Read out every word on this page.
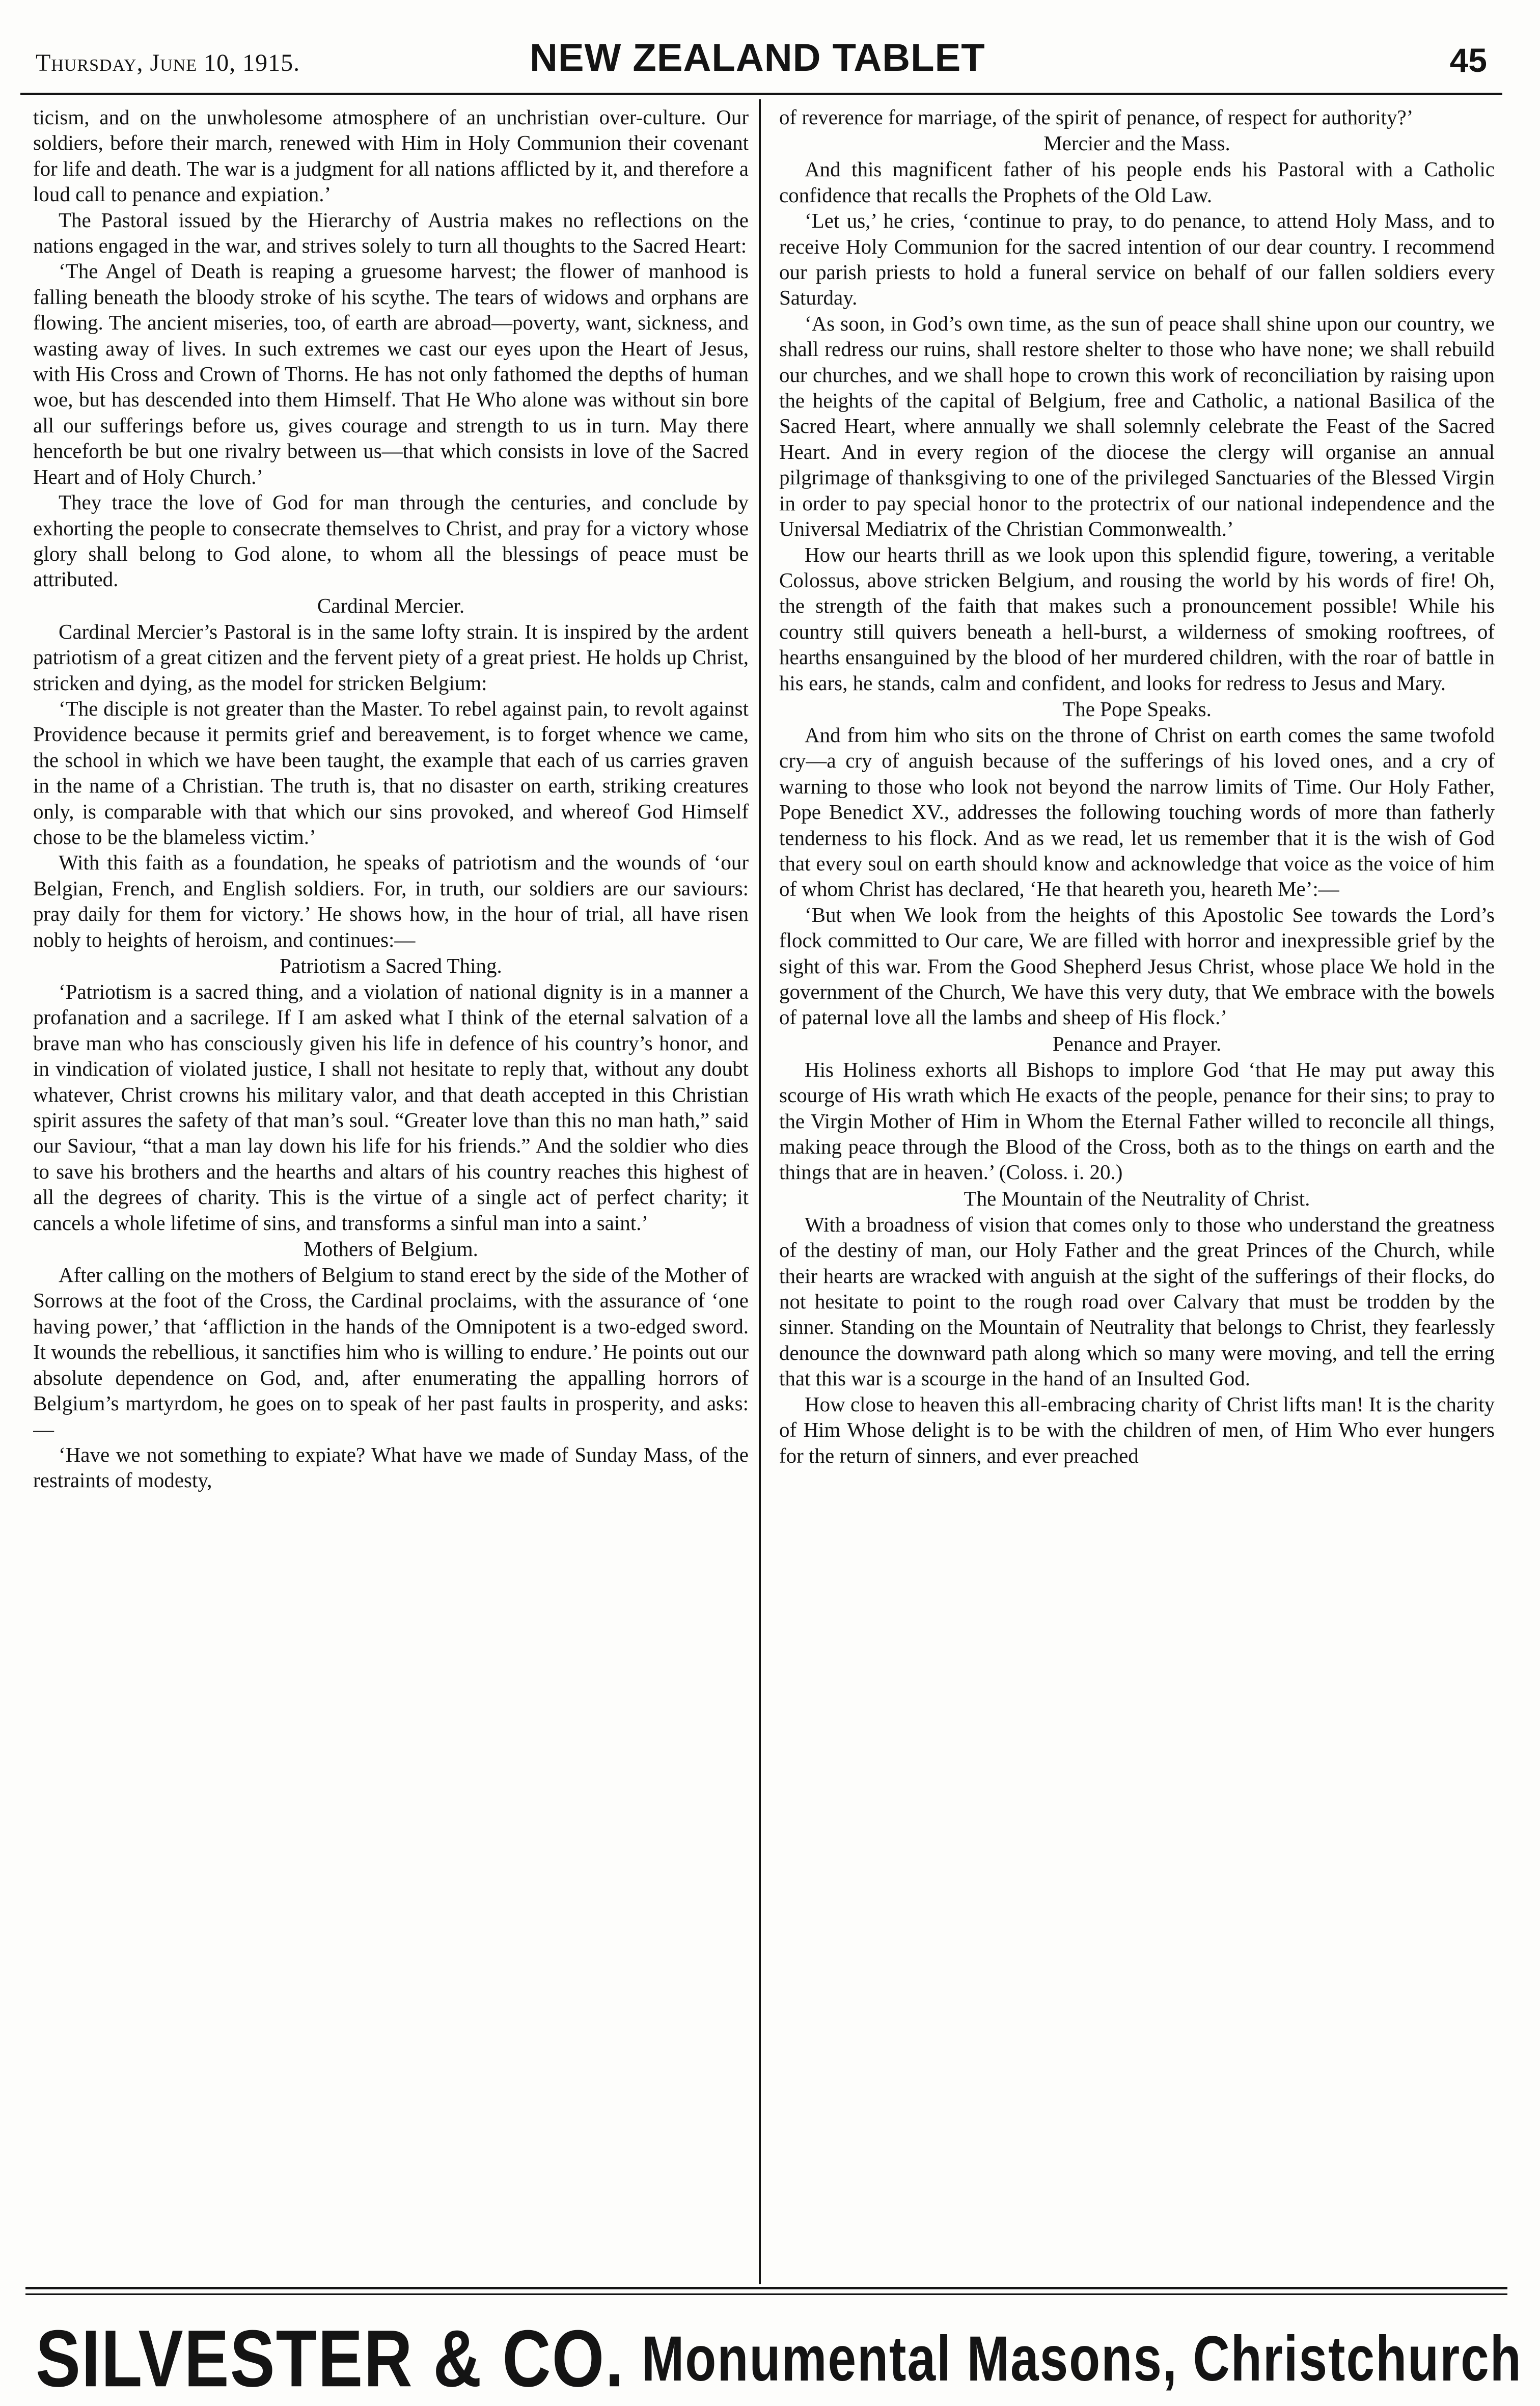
Thursday, June 10, 1915.	NEW ZEALAND TABLET	45

ticism, and on the unwholesome atmosphere of an unchristian over-culture. Our soldiers, before their march, renewed with Him in Holy Communion their covenant for life and death. The war is a judgment for all nations afflicted by it, and therefore a loud call to penance and expiation.’

The Pastoral issued by the Hierarchy of Austria makes no reflections on the nations engaged in the war, and strives solely to turn all thoughts to the Sacred Heart:

‘The Angel of Death is reaping a gruesome harvest; the flower of manhood is falling beneath the bloody stroke of his scythe. The tears of widows and orphans are flowing. The ancient miseries, too, of earth are abroad—poverty, want, sickness, and wasting away of lives. In such extremes we cast our eyes upon the Heart of Jesus, with His Cross and Crown of Thorns. He has not only fathomed the depths of human woe, but has descended into them Himself. That He Who alone was without sin bore all our sufferings before us, gives courage and strength to us in turn. May there henceforth be but one rivalry between us—that which consists in love of the Sacred Heart and of Holy Church.’

They trace the love of God for man through the centuries, and conclude by exhorting the people to consecrate themselves to Christ, and pray for a victory whose glory shall belong to God alone, to whom all the blessings of peace must be attributed.

Cardinal Mercier.

Cardinal Mercier’s Pastoral is in the same lofty strain. It is inspired by the ardent patriotism of a great citizen and the fervent piety of a great priest. He holds up Christ, stricken and dying, as the model for stricken Belgium:

‘The disciple is not greater than the Master. To rebel against pain, to revolt against Providence because it permits grief and bereavement, is to forget whence we came, the school in which we have been taught, the example that each of us carries graven in the name of a Christian. The truth is, that no disaster on earth, striking creatures only, is comparable with that which our sins provoked, and whereof God Himself chose to be the blameless victim.’

With this faith as a foundation, he speaks of patriotism and the wounds of ‘our Belgian, French, and English soldiers. For, in truth, our soldiers are our saviours: pray daily for them for victory.’ He shows how, in the hour of trial, all have risen nobly to heights of heroism, and continues:—

Patriotism a Sacred Thing.

‘Patriotism is a sacred thing, and a violation of national dignity is in a manner a profanation and a sacrilege. If I am asked what I think of the eternal salvation of a brave man who has consciously given his life in defence of his country’s honor, and in vindication of violated justice, I shall not hesitate to reply that, without any doubt whatever, Christ crowns his military valor, and that death accepted in this Christian spirit assures the safety of that man’s soul. “Greater love than this no man hath,” said our Saviour, “that a man lay down his life for his friends.” And the soldier who dies to save his brothers and the hearths and altars of his country reaches this highest of all the degrees of charity. This is the virtue of a single act of perfect charity; it cancels a whole lifetime of sins, and transforms a sinful man into a saint.’

Mothers of Belgium.

After calling on the mothers of Belgium to stand erect by the side of the Mother of Sorrows at the foot of the Cross, the Cardinal proclaims, with the assurance of ‘one having power,’ that ‘affliction in the hands of the Omnipotent is a two-edged sword. It wounds the rebellious, it sanctifies him who is willing to endure.’ He points out our absolute dependence on God, and, after enumerating the appalling horrors of Belgium’s martyrdom, he goes on to speak of her past faults in prosperity, and asks:—

‘Have we not something to expiate? What have we made of Sunday Mass, of the restraints of modesty,

of reverence for marriage, of the spirit of penance, of respect for authority?’

Mercier and the Mass.

And this magnificent father of his people ends his Pastoral with a Catholic confidence that recalls the Prophets of the Old Law.

‘Let us,’ he cries, ‘continue to pray, to do penance, to attend Holy Mass, and to receive Holy Communion for the sacred intention of our dear country. I recommend our parish priests to hold a funeral service on behalf of our fallen soldiers every Saturday.

‘As soon, in God’s own time, as the sun of peace shall shine upon our country, we shall redress our ruins, shall restore shelter to those who have none; we shall rebuild our churches, and we shall hope to crown this work of reconciliation by raising upon the heights of the capital of Belgium, free and Catholic, a national Basilica of the Sacred Heart, where annually we shall solemnly celebrate the Feast of the Sacred Heart. And in every region of the diocese the clergy will organise an annual pilgrimage of thanksgiving to one of the privileged Sanctuaries of the Blessed Virgin in order to pay special honor to the protectrix of our national independence and the Universal Mediatrix of the Christian Commonwealth.’

How our hearts thrill as we look upon this splendid figure, towering, a veritable Colossus, above stricken Belgium, and rousing the world by his words of fire! Oh, the strength of the faith that makes such a pronouncement possible! While his country still quivers beneath a hell-burst, a wilderness of smoking rooftrees, of hearths ensanguined by the blood of her murdered children, with the roar of battle in his ears, he stands, calm and confident, and looks for redress to Jesus and Mary.

The Pope Speaks.

And from him who sits on the throne of Christ on earth comes the same twofold cry—a cry of anguish because of the sufferings of his loved ones, and a cry of warning to those who look not beyond the narrow limits of Time. Our Holy Father, Pope Benedict XV., addresses the following touching words of more than fatherly tenderness to his flock. And as we read, let us remember that it is the wish of God that every soul on earth should know and acknowledge that voice as the voice of him of whom Christ has declared, ‘He that heareth you, heareth Me’:—

‘But when We look from the heights of this Apostolic See towards the Lord’s flock committed to Our care, We are filled with horror and inexpressible grief by the sight of this war. From the Good Shepherd Jesus Christ, whose place We hold in the government of the Church, We have this very duty, that We embrace with the bowels of paternal love all the lambs and sheep of His flock.’

Penance and Prayer.

His Holiness exhorts all Bishops to implore God ‘that He may put away this scourge of His wrath which He exacts of the people, penance for their sins; to pray to the Virgin Mother of Him in Whom the Eternal Father willed to reconcile all things, making peace through the Blood of the Cross, both as to the things on earth and the things that are in heaven.’ (Coloss. i. 20.)

The Mountain of the Neutrality of Christ.

With a broadness of vision that comes only to those who understand the greatness of the destiny of man, our Holy Father and the great Princes of the Church, while their hearts are wracked with anguish at the sight of the sufferings of their flocks, do not hesitate to point to the rough road over Calvary that must be trodden by the sinner. Standing on the Mountain of Neutrality that belongs to Christ, they fearlessly denounce the downward path along which so many were moving, and tell the erring that this war is a scourge in the hand of an Insulted God.

How close to heaven this all-embracing charity of Christ lifts man! It is the charity of Him Whose delight is to be with the children of men, of Him Who ever hungers for the return of sinners, and ever preached

SILVESTER & CO. Monumental Masons, Christchurch
